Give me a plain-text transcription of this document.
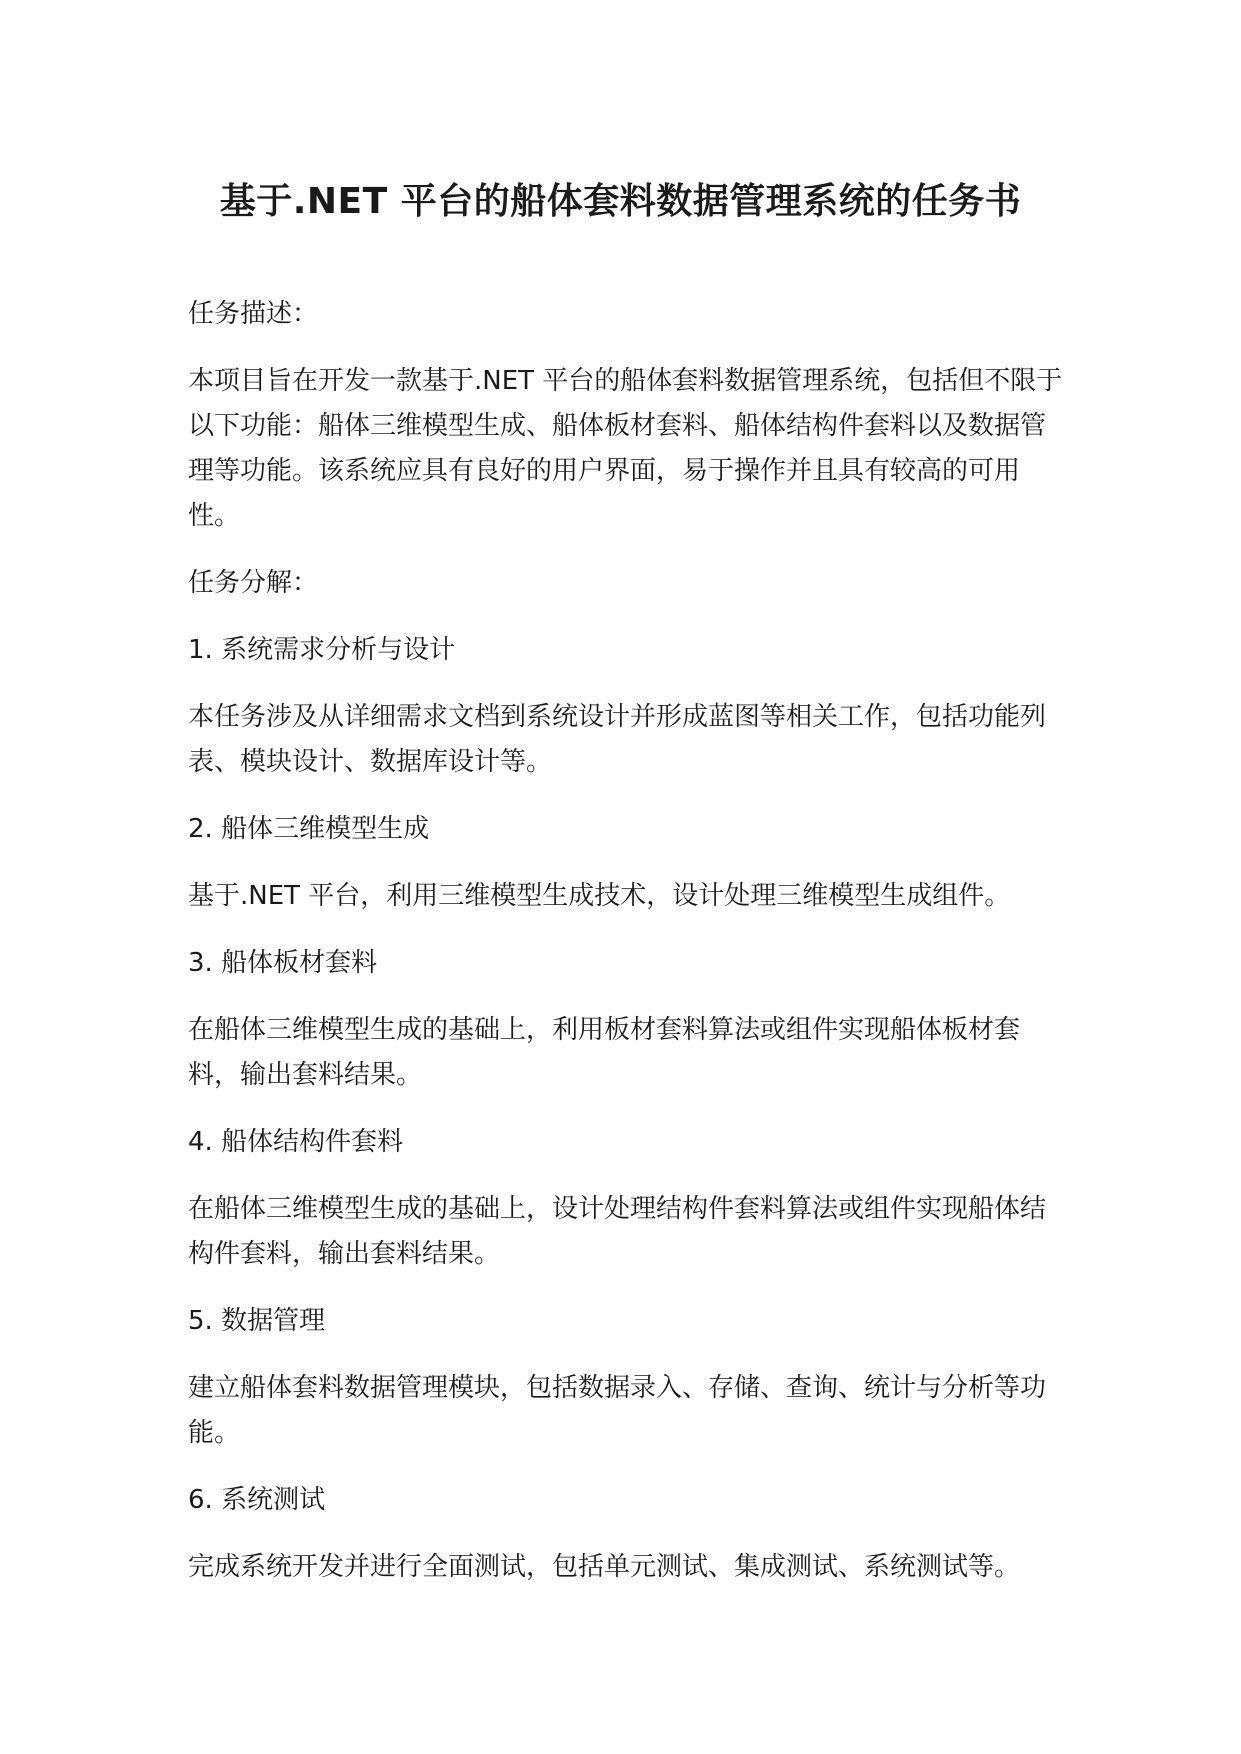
基于.NET 平台的船体套料数据管理系统的任务书

任务描述：

本项目旨在开发一款基于.NET 平台的船体套料数据管理系统，包括但不限于以下功能：船体三维模型生成、船体板材套料、船体结构件套料以及数据管理等功能。该系统应具有良好的用户界面，易于操作并且具有较高的可用性。

任务分解：

1. 系统需求分析与设计

本任务涉及从详细需求文档到系统设计并形成蓝图等相关工作，包括功能列表、模块设计、数据库设计等。

2. 船体三维模型生成

基于.NET 平台，利用三维模型生成技术，设计处理三维模型生成组件。

3. 船体板材套料

在船体三维模型生成的基础上，利用板材套料算法或组件实现船体板材套料，输出套料结果。

4. 船体结构件套料

在船体三维模型生成的基础上，设计处理结构件套料算法或组件实现船体结构件套料，输出套料结果。

5. 数据管理

建立船体套料数据管理模块，包括数据录入、存储、查询、统计与分析等功能。

6. 系统测试

完成系统开发并进行全面测试，包括单元测试、集成测试、系统测试等。
